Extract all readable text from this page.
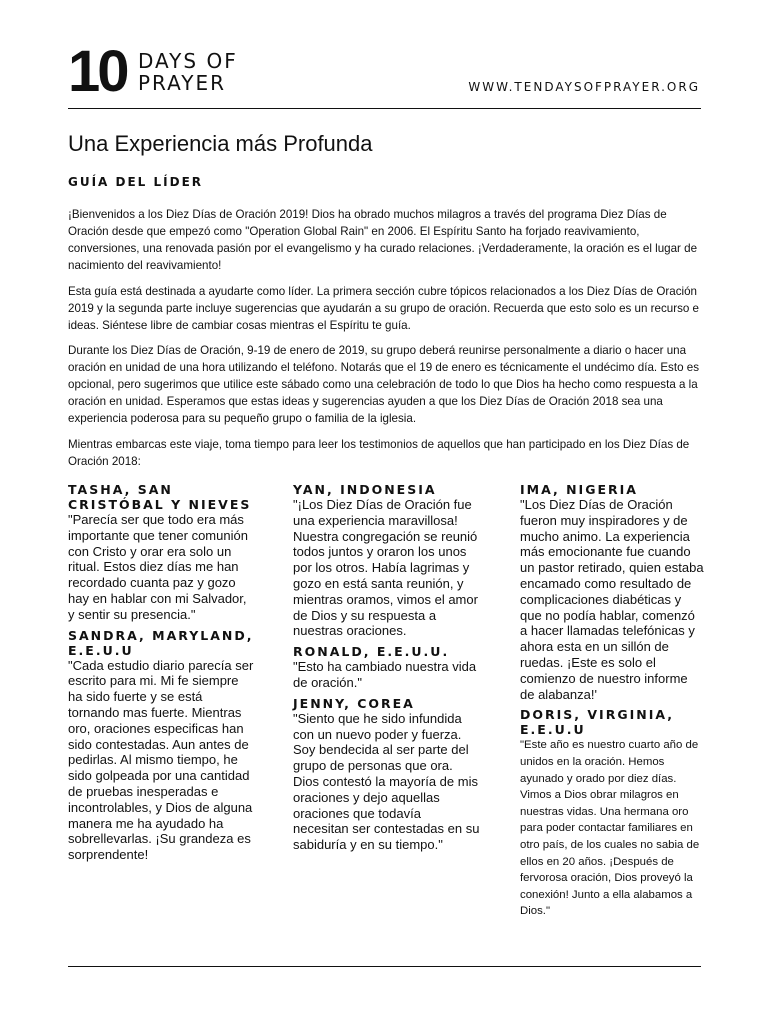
10 DAYS OF
PRAYER	WWW.TENDAYSOFPRAYER.ORG
Una Experiencia más Profunda
GUÍA DEL LÍDER

¡Bienvenidos a los Diez Días de Oración 2019! Dios ha obrado muchos milagros a través del programa Diez Días de Oración desde que empezó como "Operation Global Rain" en 2006. El Espíritu Santo ha forjado reavivamiento, conversiones, una renovada pasión por el evangelismo y ha curado relaciones. ¡Verdaderamente, la oración es el lugar de nacimiento del reavivamiento!

Esta guía está destinada a ayudarte como líder. La primera sección cubre tópicos relacionados a los Diez Días de Oración 2019 y la segunda parte incluye sugerencias que ayudarán a su grupo de oración. Recuerda que esto solo es un recurso e ideas. Siéntese libre de cambiar cosas mientras el Espíritu te guía.

Durante los Diez Días de Oración, 9-19 de enero de 2019, su grupo deberá reunirse personalmente a diario o hacer una oración en unidad de una hora utilizando el teléfono. Notarás que el 19 de enero es técnicamente el undécimo día. Esto es opcional, pero sugerimos que utilice este sábado como una celebración de todo lo que Dios ha hecho como respuesta a la oración en unidad. Esperamos que estas ideas y sugerencias ayuden a que los Diez Días de Oración 2018 sea una experiencia poderosa para su pequeño grupo o familia de la iglesia.

Mientras embarcas este viaje, toma tiempo para leer los testimonios de aquellos que han participado en los Diez Días de Oración 2018:

TASHA, SAN CRISTÓBAL Y NIEVES
"Parecía ser que todo era más importante que tener comunión con Cristo y orar era solo un ritual. Estos diez días me han recordado cuanta paz y gozo hay en hablar con mi Salvador, y sentir su presencia."
SANDRA, MARYLAND, E.E.U.U
"Cada estudio diario parecía ser escrito para mi. Mi fe siempre ha sido fuerte y se está tornando mas fuerte. Mientras oro, oraciones especificas han sido contestadas. Aun antes de pedirlas. Al mismo tiempo, he sido golpeada por una cantidad de pruebas inesperadas e incontrolables, y Dios de alguna manera me ha ayudado ha sobrellevarlas. ¡Su grandeza es sorprendente!
YAN, INDONESIA
"¡Los Diez Días de Oración fue una experiencia maravillosa! Nuestra congregación se reunió todos juntos y oraron los unos por los otros. Había lagrimas y gozo en está santa reunión, y mientras oramos, vimos el amor de Dios y su respuesta a nuestras oraciones.
RONALD, E.E.U.U.
"Esto ha cambiado nuestra vida de oración."
JENNY, COREA
"Siento que he sido infundida con un nuevo poder y fuerza. Soy bendecida al ser parte del grupo de personas que ora. Dios contestó la mayoría de mis oraciones y dejo aquellas oraciones que todavía necesitan ser contestadas en su sabiduría y en su tiempo."
IMA, NIGERIA
"Los Diez Días de Oración fueron muy inspiradores y de mucho animo. La experiencia más emocionante fue cuando un pastor retirado, quien estaba encamado como resultado de complicaciones diabéticas y que no podía hablar, comenzó a hacer llamadas telefónicas y ahora esta en un sillón de ruedas. ¡Este es solo el comienzo de nuestro informe de alabanza!'
DORIS, VIRGINIA, E.E.U.U
"Este año es nuestro cuarto año de unidos en la oración. Hemos ayunado y orado por diez días. Vimos a Dios obrar milagros en nuestras vidas. Una hermana oro para poder contactar familiares en otro país, de los cuales no sabia de ellos en 20 años. ¡Después de fervorosa oración, Dios proveyó la conexión! Junto a ella alabamos a Dios."
